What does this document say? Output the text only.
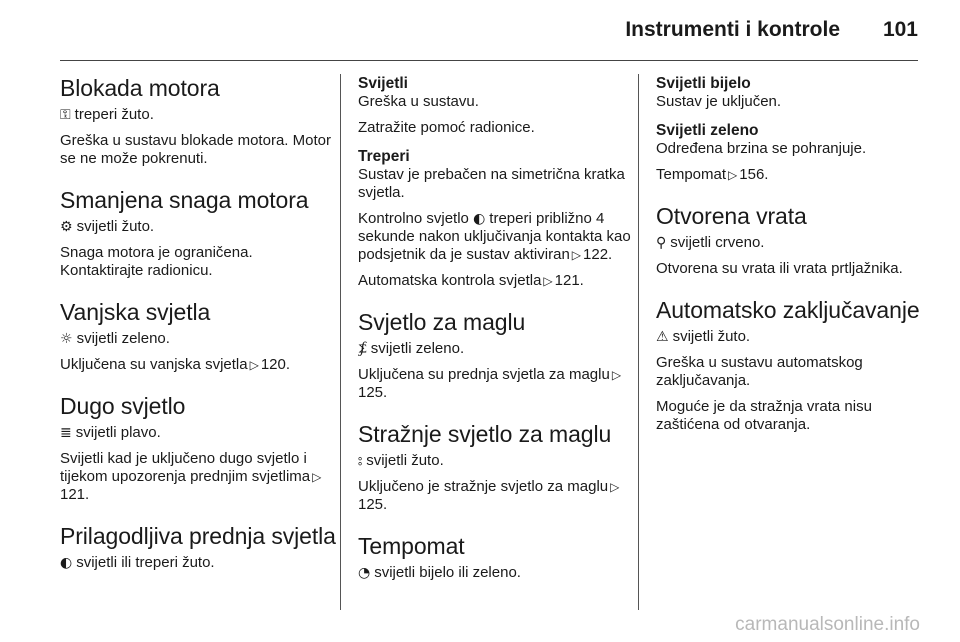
Instrumenti i kontrole 101
Blokada motora

⚿ treperi žuto.

Greška u sustavu blokade motora. Motor se ne može pokrenuti.

Smanjena snaga motora

⚙ svijetli žuto.

Snaga motora je ograničena. Kontaktirajte radionicu.

Vanjska svjetla

☼ svijetli zeleno.

Uključena su vanjska svjetla ▷ 120.

Dugo svjetlo

≣ svijetli plavo.

Svijetli kad je uključeno dugo svjetlo i tijekom upozorenja prednjim svjetlima ▷121.

Prilagodljiva prednja svjetla

◐ svijetli ili treperi žuto.

Svijetli

Greška u sustavu.

Zatražite pomoć radionice.

Treperi

Sustav je prebačen na simetrična kratka svjetla.

Kontrolno svjetlo ◐ treperi približno 4 sekunde nakon uključivanja kontakta kao podsjetnik da je sustav aktiviran ▷ 122.

Automatska kontrola svjetla ▷ 121.

Svjetlo za maglu

⨋ svijetli zeleno.

Uključena su prednja svjetla za maglu ▷125.

Stražnje svjetlo za maglu

⦂ svijetli žuto.

Uključeno je stražnje svjetlo za maglu ▷125.

Tempomat

◔ svijetli bijelo ili zeleno.

Svijetli bijelo

Sustav je uključen.

Svijetli zeleno

Određena brzina se pohranjuje.

Tempomat ▷ 156.

Otvorena vrata

⚲ svijetli crveno.

Otvorena su vrata ili vrata prtljažnika.

Automatsko zaključavanje

⚠ svijetli žuto.

Greška u sustavu automatskog zaključavanja.

Moguće je da stražnja vrata nisu zaštićena od otvaranja.

carmanualsonline.info
